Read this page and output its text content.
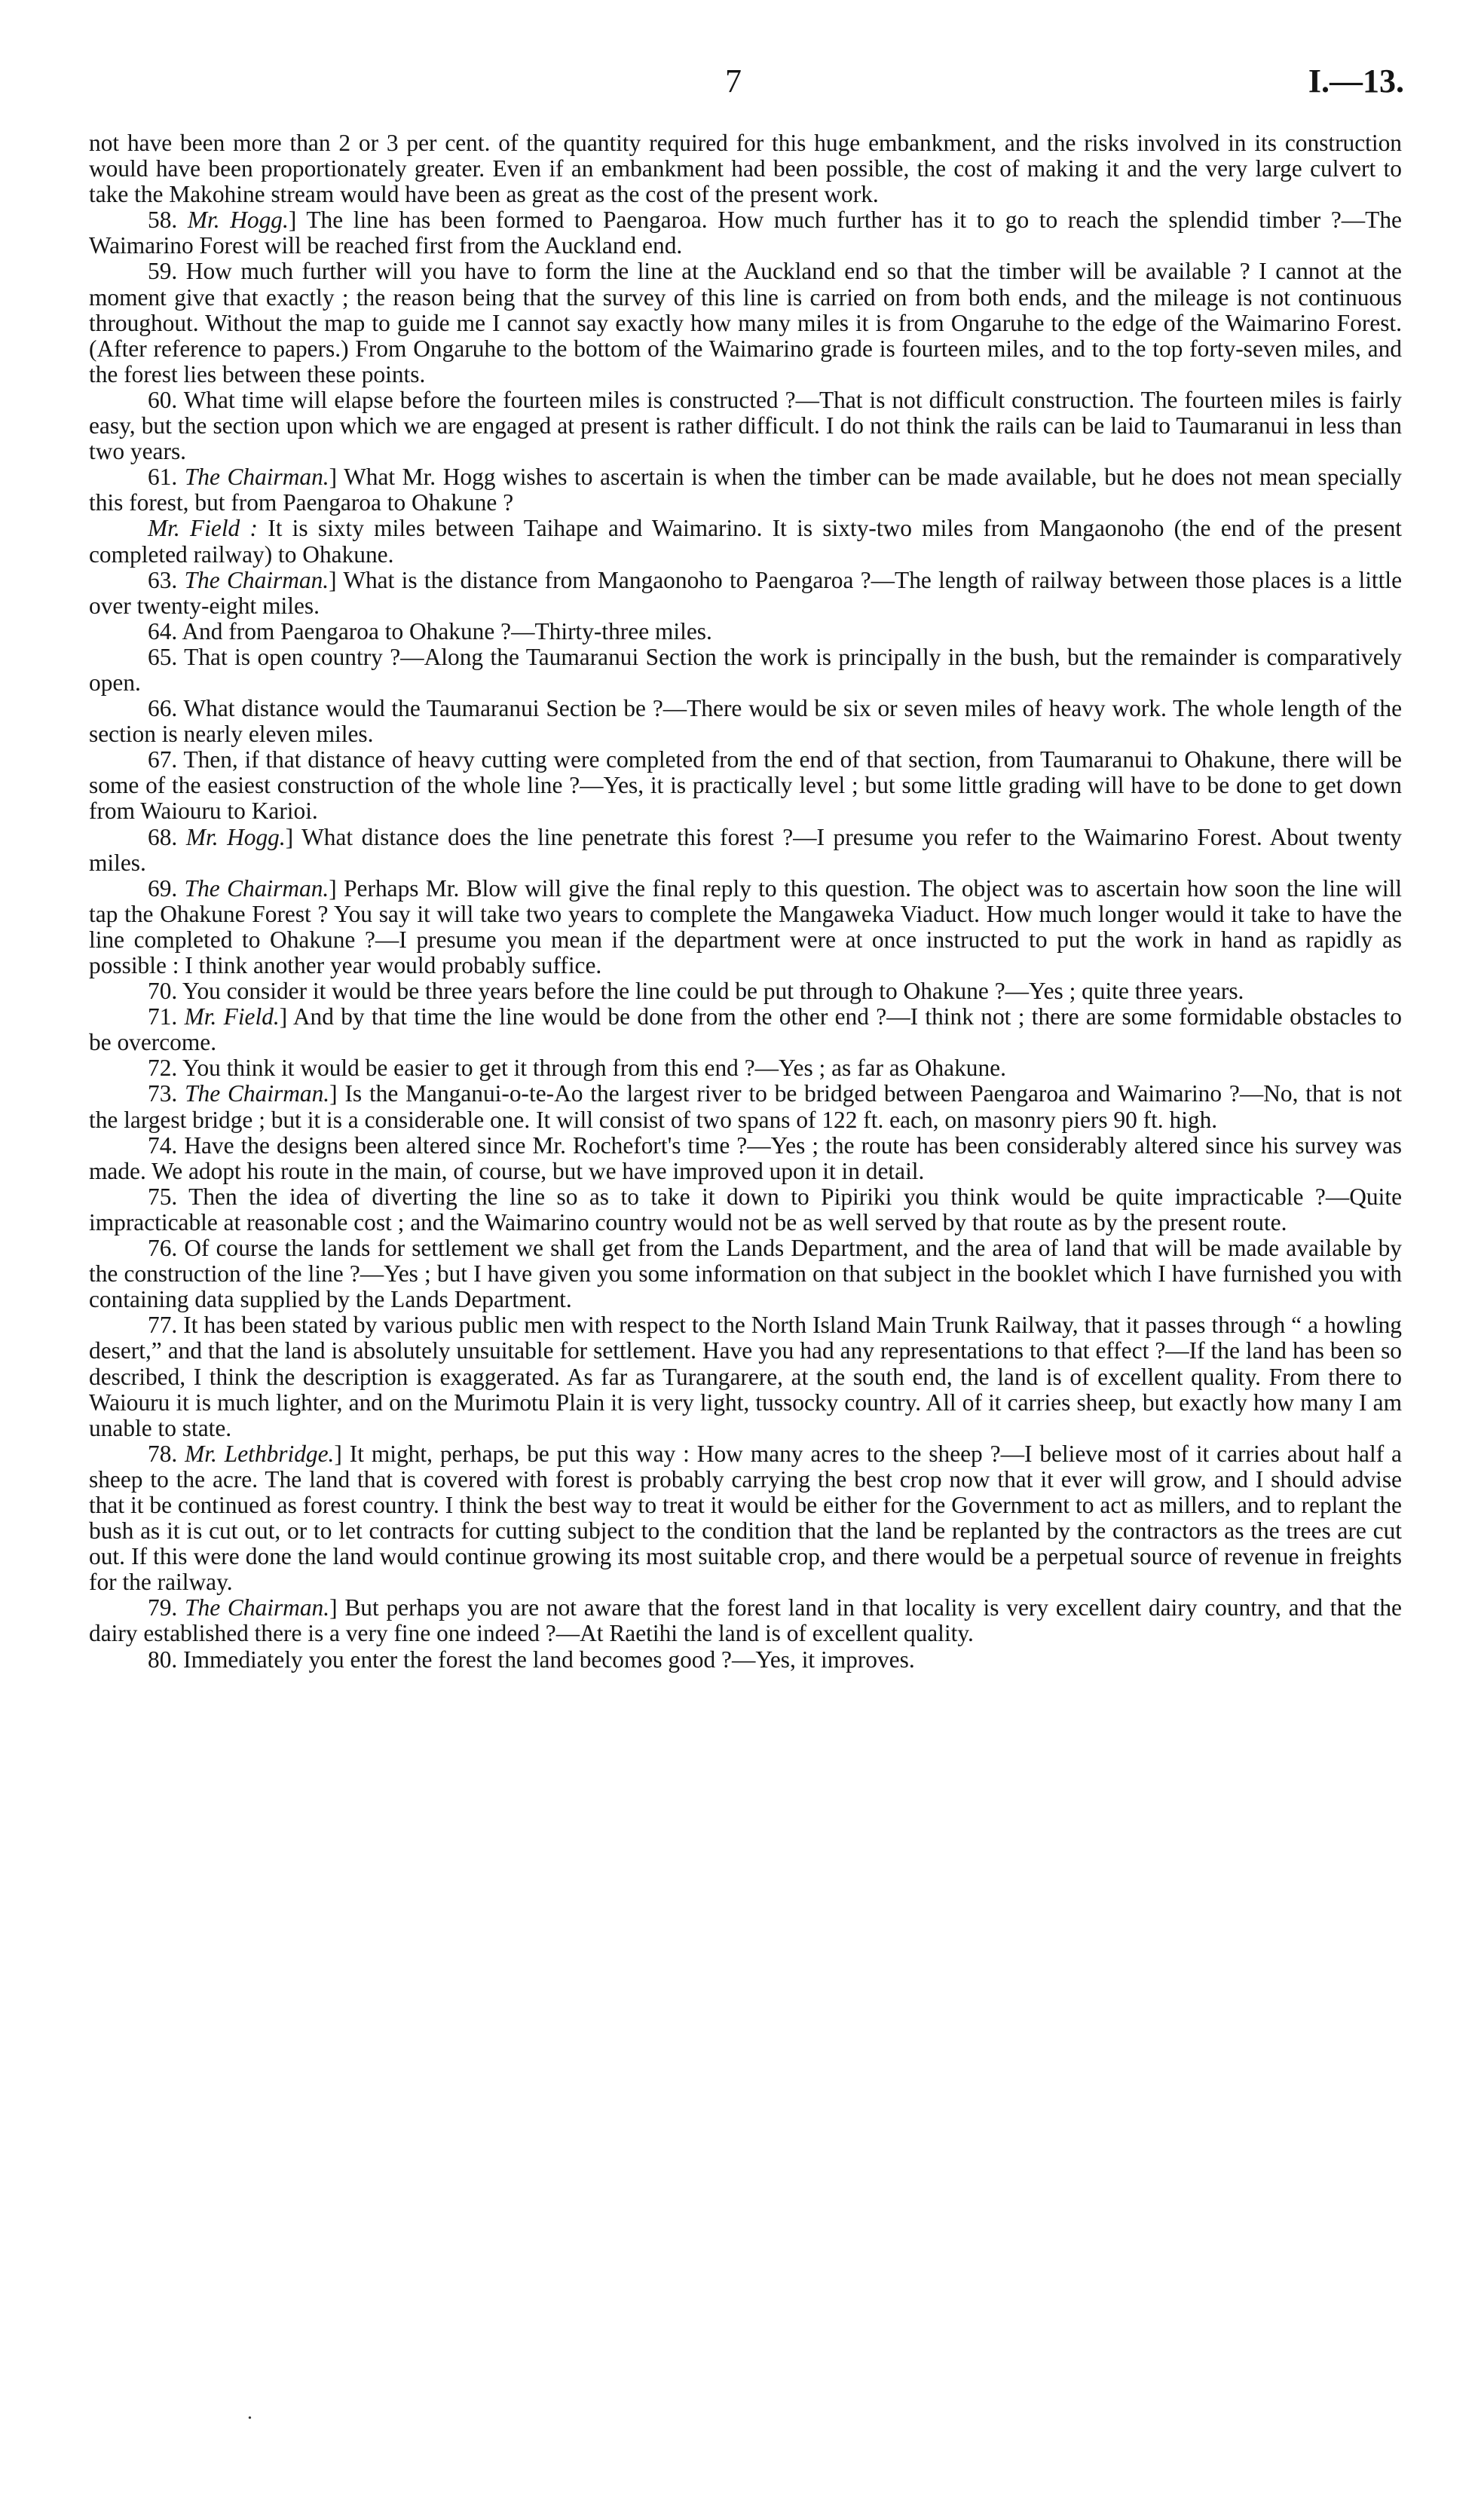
7	I.—13.

not have been more than 2 or 3 per cent. of the quantity required for this huge embankment, and the risks involved in its construction would have been proportionately greater. Even if an embankment had been possible, the cost of making it and the very large culvert to take the Makohine stream would have been as great as the cost of the present work.

58. Mr. Hogg.] The line has been formed to Paengaroa. How much further has it to go to reach the splendid timber ?—The Waimarino Forest will be reached first from the Auckland end.

59. How much further will you have to form the line at the Auckland end so that the timber will be available ? I cannot at the moment give that exactly ; the reason being that the survey of this line is carried on from both ends, and the mileage is not continuous throughout. Without the map to guide me I cannot say exactly how many miles it is from Ongaruhe to the edge of the Waimarino Forest. (After reference to papers.) From Ongaruhe to the bottom of the Waimarino grade is fourteen miles, and to the top forty-seven miles, and the forest lies between these points.

60. What time will elapse before the fourteen miles is constructed ?—That is not difficult construction. The fourteen miles is fairly easy, but the section upon which we are engaged at present is rather difficult. I do not think the rails can be laid to Taumaranui in less than two years.

61. The Chairman.] What Mr. Hogg wishes to ascertain is when the timber can be made available, but he does not mean specially this forest, but from Paengaroa to Ohakune ?

Mr. Field : It is sixty miles between Taihape and Waimarino. It is sixty-two miles from Mangaonoho (the end of the present completed railway) to Ohakune.

63. The Chairman.] What is the distance from Mangaonoho to Paengaroa ?—The length of railway between those places is a little over twenty-eight miles.

64. And from Paengaroa to Ohakune ?—Thirty-three miles.

65. That is open country ?—Along the Taumaranui Section the work is principally in the bush, but the remainder is comparatively open.

66. What distance would the Taumaranui Section be ?—There would be six or seven miles of heavy work. The whole length of the section is nearly eleven miles.

67. Then, if that distance of heavy cutting were completed from the end of that section, from Taumaranui to Ohakune, there will be some of the easiest construction of the whole line ?—Yes, it is practically level ; but some little grading will have to be done to get down from Waiouru to Karioi.

68. Mr. Hogg.] What distance does the line penetrate this forest ?—I presume you refer to the Waimarino Forest. About twenty miles.

69. The Chairman.] Perhaps Mr. Blow will give the final reply to this question. The object was to ascertain how soon the line will tap the Ohakune Forest ? You say it will take two years to complete the Mangaweka Viaduct. How much longer would it take to have the line completed to Ohakune ?—I presume you mean if the department were at once instructed to put the work in hand as rapidly as possible : I think another year would probably suffice.

70. You consider it would be three years before the line could be put through to Ohakune ?—Yes ; quite three years.

71. Mr. Field.] And by that time the line would be done from the other end ?—I think not ; there are some formidable obstacles to be overcome.

72. You think it would be easier to get it through from this end ?—Yes ; as far as Ohakune.

73. The Chairman.] Is the Manganui-o-te-Ao the largest river to be bridged between Paengaroa and Waimarino ?—No, that is not the largest bridge ; but it is a considerable one. It will consist of two spans of 122 ft. each, on masonry piers 90 ft. high.

74. Have the designs been altered since Mr. Rochefort's time ?—Yes ; the route has been considerably altered since his survey was made. We adopt his route in the main, of course, but we have improved upon it in detail.

75. Then the idea of diverting the line so as to take it down to Pipiriki you think would be quite impracticable ?—Quite impracticable at reasonable cost ; and the Waimarino country would not be as well served by that route as by the present route.

76. Of course the lands for settlement we shall get from the Lands Department, and the area of land that will be made available by the construction of the line ?—Yes ; but I have given you some information on that subject in the booklet which I have furnished you with containing data supplied by the Lands Department.

77. It has been stated by various public men with respect to the North Island Main Trunk Railway, that it passes through “ a howling desert,” and that the land is absolutely unsuitable for settlement. Have you had any representations to that effect ?—If the land has been so described, I think the description is exaggerated. As far as Turangarere, at the south end, the land is of excellent quality. From there to Waiouru it is much lighter, and on the Murimotu Plain it is very light, tussocky country. All of it carries sheep, but exactly how many I am unable to state.

78. Mr. Lethbridge.] It might, perhaps, be put this way : How many acres to the sheep ?—I believe most of it carries about half a sheep to the acre. The land that is covered with forest is probably carrying the best crop now that it ever will grow, and I should advise that it be continued as forest country. I think the best way to treat it would be either for the Government to act as millers, and to replant the bush as it is cut out, or to let contracts for cutting subject to the condition that the land be replanted by the contractors as the trees are cut out. If this were done the land would continue growing its most suitable crop, and there would be a perpetual source of revenue in freights for the railway.

79. The Chairman.] But perhaps you are not aware that the forest land in that locality is very excellent dairy country, and that the dairy established there is a very fine one indeed ?—At Raetihi the land is of excellent quality.

80. Immediately you enter the forest the land becomes good ?—Yes, it improves.

•
